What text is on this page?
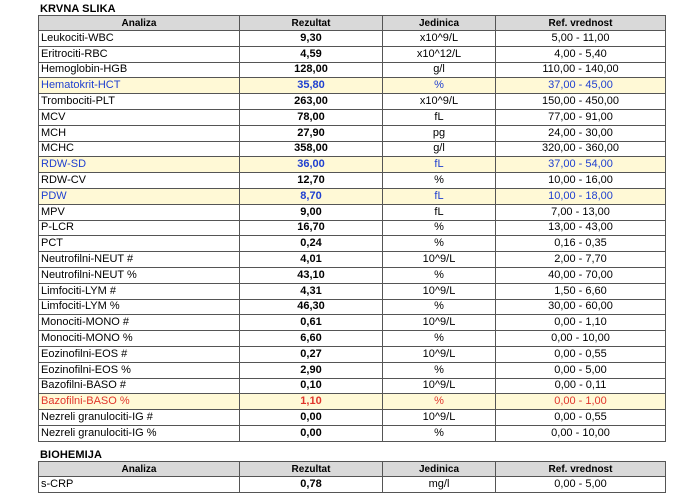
KRVNA SLIKA
Analiza	Rezultat	Jedinica	Ref. vrednost
Leukociti-WBC	9,30	x10^9/L	5,00 - 11,00
Eritrociti-RBC	4,59	x10^12/L	4,00 - 5,40
Hemoglobin-HGB	128,00	g/l	110,00 - 140,00
Hematokrit-HCT	35,80	%	37,00 - 45,00
Trombociti-PLT	263,00	x10^9/L	150,00 - 450,00
MCV	78,00	fL	77,00 - 91,00
MCH	27,90	pg	24,00 - 30,00
MCHC	358,00	g/l	320,00 - 360,00
RDW-SD	36,00	fL	37,00 - 54,00
RDW-CV	12,70	%	10,00 - 16,00
PDW	8,70	fL	10,00 - 18,00
MPV	9,00	fL	7,00 - 13,00
P-LCR	16,70	%	13,00 - 43,00
PCT	0,24	%	0,16 - 0,35
Neutrofilni-NEUT #	4,01	10^9/L	2,00 - 7,70
Neutrofilni-NEUT %	43,10	%	40,00 - 70,00
Limfociti-LYM #	4,31	10^9/L	1,50 - 6,60
Limfociti-LYM %	46,30	%	30,00 - 60,00
Monociti-MONO #	0,61	10^9/L	0,00 - 1,10
Monociti-MONO %	6,60	%	0,00 - 10,00
Eozinofilni-EOS #	0,27	10^9/L	0,00 - 0,55
Eozinofilni-EOS %	2,90	%	0,00 - 5,00
Bazofilni-BASO #	0,10	10^9/L	0,00 - 0,11
Bazofilni-BASO %	1,10	%	0,00 - 1,00
Nezreli granulociti-IG #	0,00	10^9/L	0,00 - 0,55
Nezreli granulociti-IG %	0,00	%	0,00 - 10,00
BIOHEMIJA
Analiza	Rezultat	Jedinica	Ref. vrednost
s-CRP	0,78	mg/l	0,00 - 5,00
